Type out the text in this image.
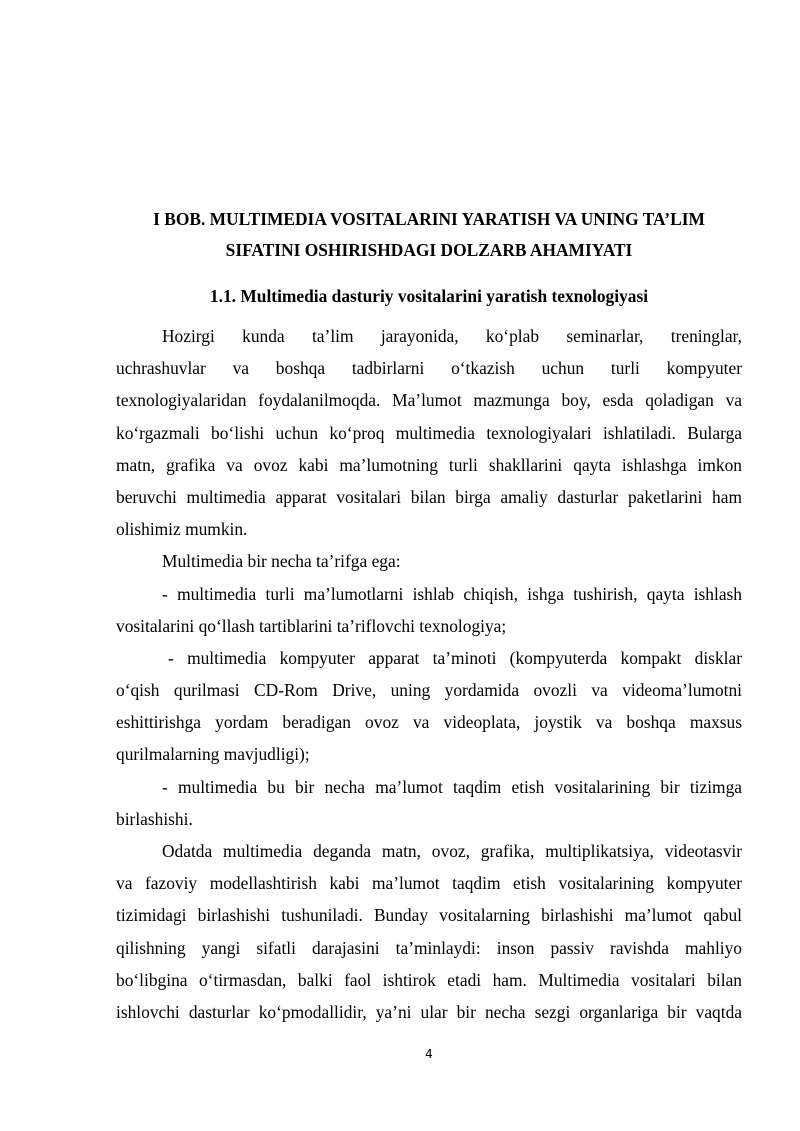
I BOB. MULTIMEDIA VOSITALARINI YARATISH VA UNING TA’LIM
SIFATINI OSHIRISHDAGI DOLZARB AHAMIYATI
1.1. Multimedia dasturiy vositalarini yaratish texnologiyasi
Hozirgi kunda ta’lim jarayonida, ko‘plab seminarlar, treninglar,
uchrashuvlar va boshqa tadbirlarni o‘tkazish uchun turli kompyuter
texnologiyalaridan foydalanilmoqda. Ma’lumot mazmunga boy, esda qoladigan va
ko‘rgazmali bo‘lishi uchun ko‘proq multimedia texnologiyalari ishlatiladi. Bularga
matn, grafika va ovoz kabi ma’lumotning turli shakllarini qayta ishlashga imkon
beruvchi multimedia apparat vositalari bilan birga amaliy dasturlar paketlarini ham
olishimiz mumkin.
Multimedia bir necha ta’rifga ega:
- multimedia turli ma’lumotlarni ishlab chiqish, ishga tushirish, qayta ishlash
vositalarini qo‘llash tartiblarini ta’riflovchi texnologiya;
- multimedia kompyuter apparat ta’minoti (kompyuterda kompakt disklar
o‘qish qurilmasi CD-Rom Drive, uning yordamida ovozli va videoma’lumotni
eshittirishga yordam beradigan ovoz va videoplata, joystik va boshqa maxsus
qurilmalarning mavjudligi);
- multimedia bu bir necha ma’lumot taqdim etish vositalarining bir tizimga
birlashishi.
Odatda multimedia deganda matn, ovoz, grafika, multiplikatsiya, videotasvir
va fazoviy modellashtirish kabi ma’lumot taqdim etish vositalarining kompyuter
tizimidagi birlashishi tushuniladi. Bunday vositalarning birlashishi ma’lumot qabul
qilishning yangi sifatli darajasini ta’minlaydi: inson passiv ravishda mahliyo
bo‘libgina o‘tirmasdan, balki faol ishtirok etadi ham. Multimedia vositalari bilan
ishlovchi dasturlar ko‘pmodallidir, ya’ni ular bir necha sezgi organlariga bir vaqtda
4
